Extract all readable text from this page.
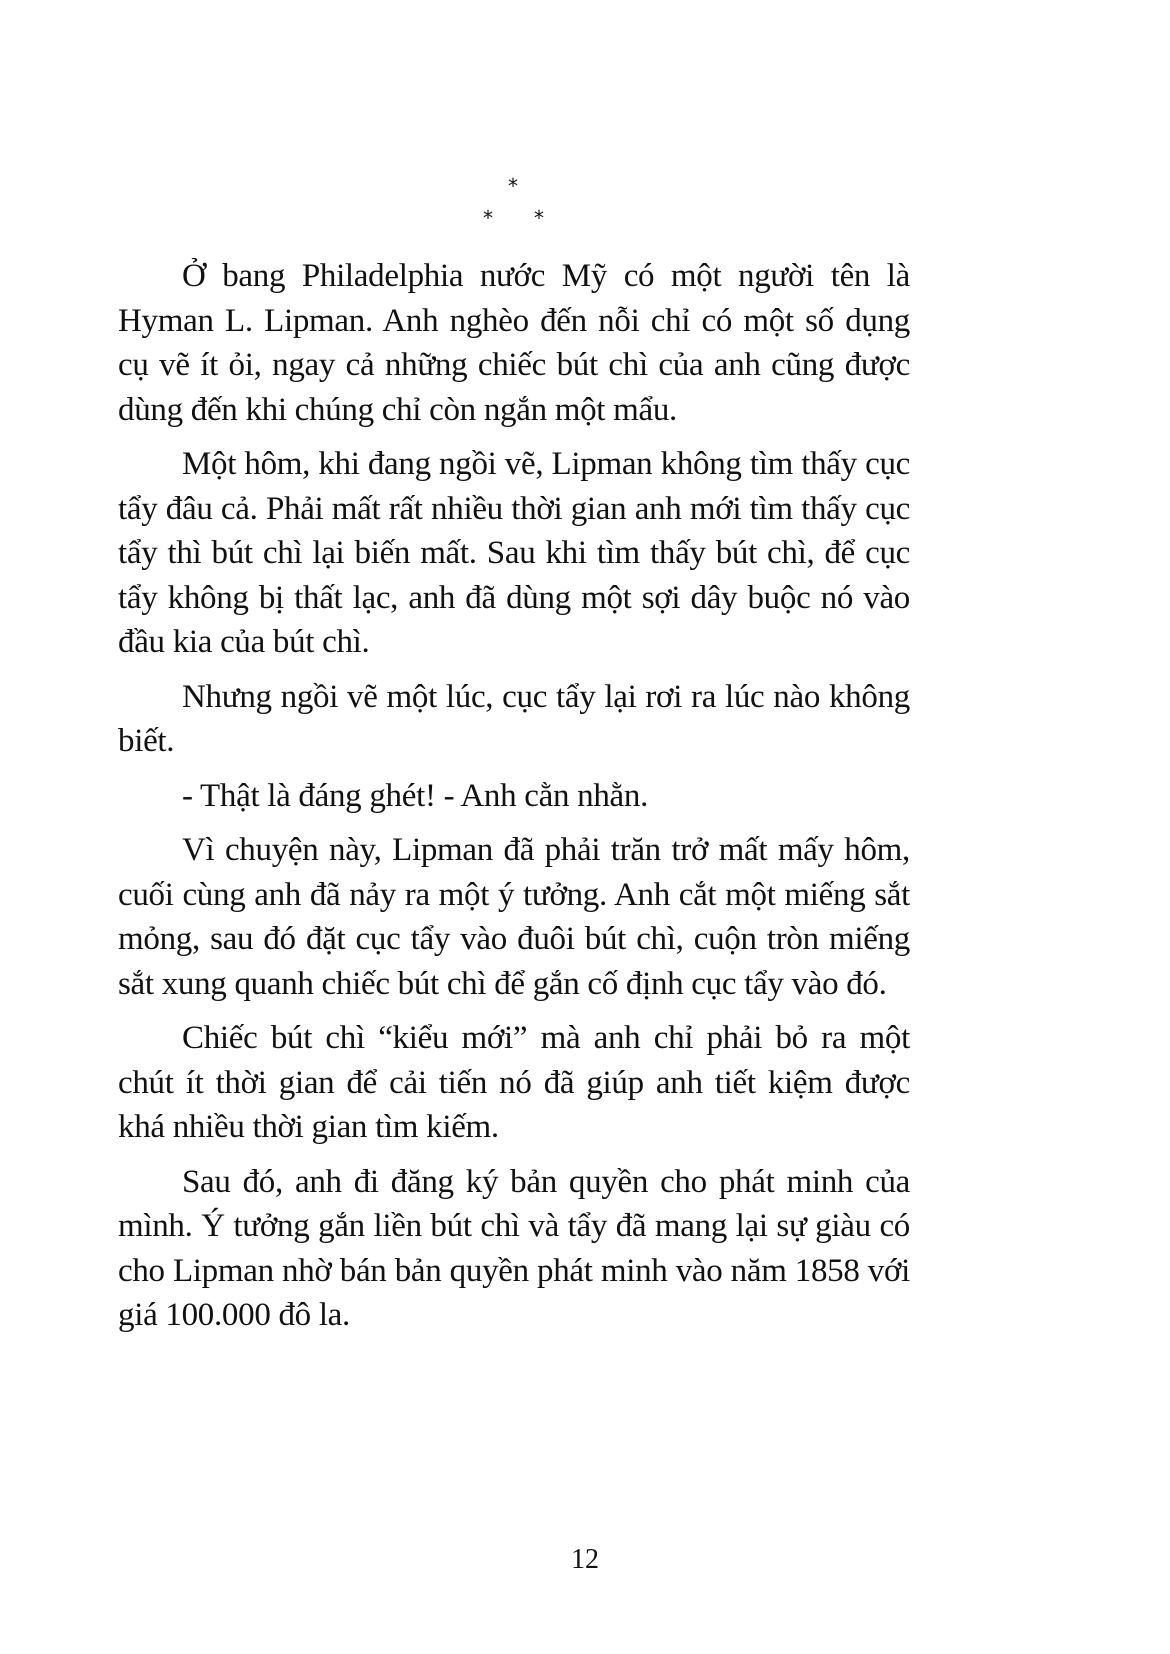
*
* *

Ở bang Philadelphia nước Mỹ có một người tên là Hyman L. Lipman. Anh nghèo đến nỗi chỉ có một số dụng cụ vẽ ít ỏi, ngay cả những chiếc bút chì của anh cũng được dùng đến khi chúng chỉ còn ngắn một mẩu.

Một hôm, khi đang ngồi vẽ, Lipman không tìm thấy cục tẩy đâu cả. Phải mất rất nhiều thời gian anh mới tìm thấy cục tẩy thì bút chì lại biến mất. Sau khi tìm thấy bút chì, để cục tẩy không bị thất lạc, anh đã dùng một sợi dây buộc nó vào đầu kia của bút chì.

Nhưng ngồi vẽ một lúc, cục tẩy lại rơi ra lúc nào không biết.

- Thật là đáng ghét! - Anh cằn nhằn.

Vì chuyện này, Lipman đã phải trăn trở mất mấy hôm, cuối cùng anh đã nảy ra một ý tưởng. Anh cắt một miếng sắt mỏng, sau đó đặt cục tẩy vào đuôi bút chì, cuộn tròn miếng sắt xung quanh chiếc bút chì để gắn cố định cục tẩy vào đó.

Chiếc bút chì “kiểu mới” mà anh chỉ phải bỏ ra một chút ít thời gian để cải tiến nó đã giúp anh tiết kiệm được khá nhiều thời gian tìm kiếm.

Sau đó, anh đi đăng ký bản quyền cho phát minh của mình. Ý tưởng gắn liền bút chì và tẩy đã mang lại sự giàu có cho Lipman nhờ bán bản quyền phát minh vào năm 1858 với giá 100.000 đô la.

12
